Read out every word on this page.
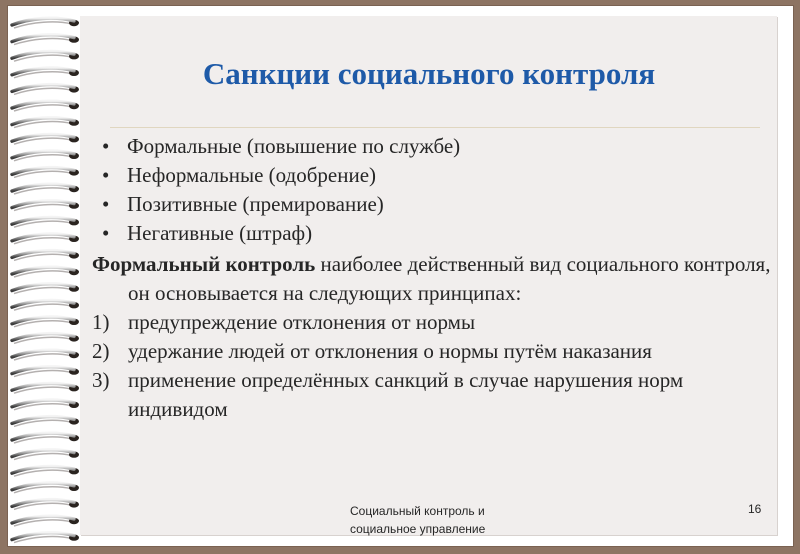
Санкции социального контроля
• Формальные (повышение по службе)
• Неформальные (одобрение)
• Позитивные (премирование)
• Негативные (штраф)

Формальный контроль наиболее действенный вид социального контроля, он основывается на следующих принципах:

1) предупреждение отклонения от нормы
2) удержание людей от отклонения о нормы путём наказания
3) применение определённых санкций в случае нарушения норм индивидом
Социальный контроль и
социальное управление
16
